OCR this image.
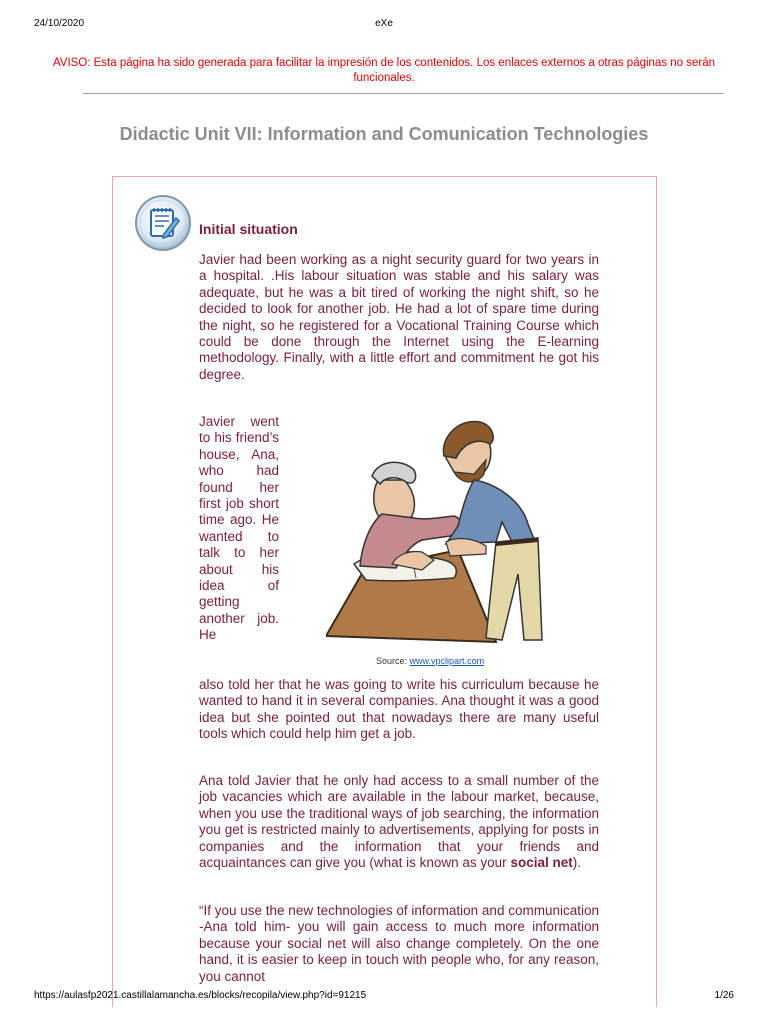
24/10/2020	eXe
AVISO: Esta página ha sido generada para facilitar la impresión de los contenidos. Los enlaces externos a otras páginas no serán funcionales.
Didactic Unit VII: Information and Comunication Technologies
Initial situation
Javier had been working as a night security guard for two years in a hospital. .His labour situation was stable and his salary was adequate, but he was a bit tired of working the night shift, so he decided to look for another job. He had a lot of spare time during the night, so he registered for a Vocational Training Course which could be done through the Internet using the E-learning methodology. Finally, with a little effort and commitment he got his degree.
Javier went to his friend’s house, Ana, who had found her first job short time ago. He wanted to talk to her about his idea of getting another job. He
Source: www.vpclipart.com
also told her that he was going to write his curriculum because he wanted to hand it in several companies. Ana thought it was a good idea but she pointed out that nowadays there are many useful tools which could help him get a job.
Ana told Javier that he only had access to a small number of the job vacancies which are available in the labour market, because, when you use the traditional ways of job searching, the information you get is restricted mainly to advertisements, applying for posts in companies and the information that your friends and acquaintances can give you (what is known as your social net).
“If you use the new technologies of information and communication -Ana told him- you will gain access to much more information because your social net will also change completely. On the one hand, it is easier to keep in touch with people who, for any reason, you cannot
https://aulasfp2021.castillalamancha.es/blocks/recopila/view.php?id=91215	1/26
